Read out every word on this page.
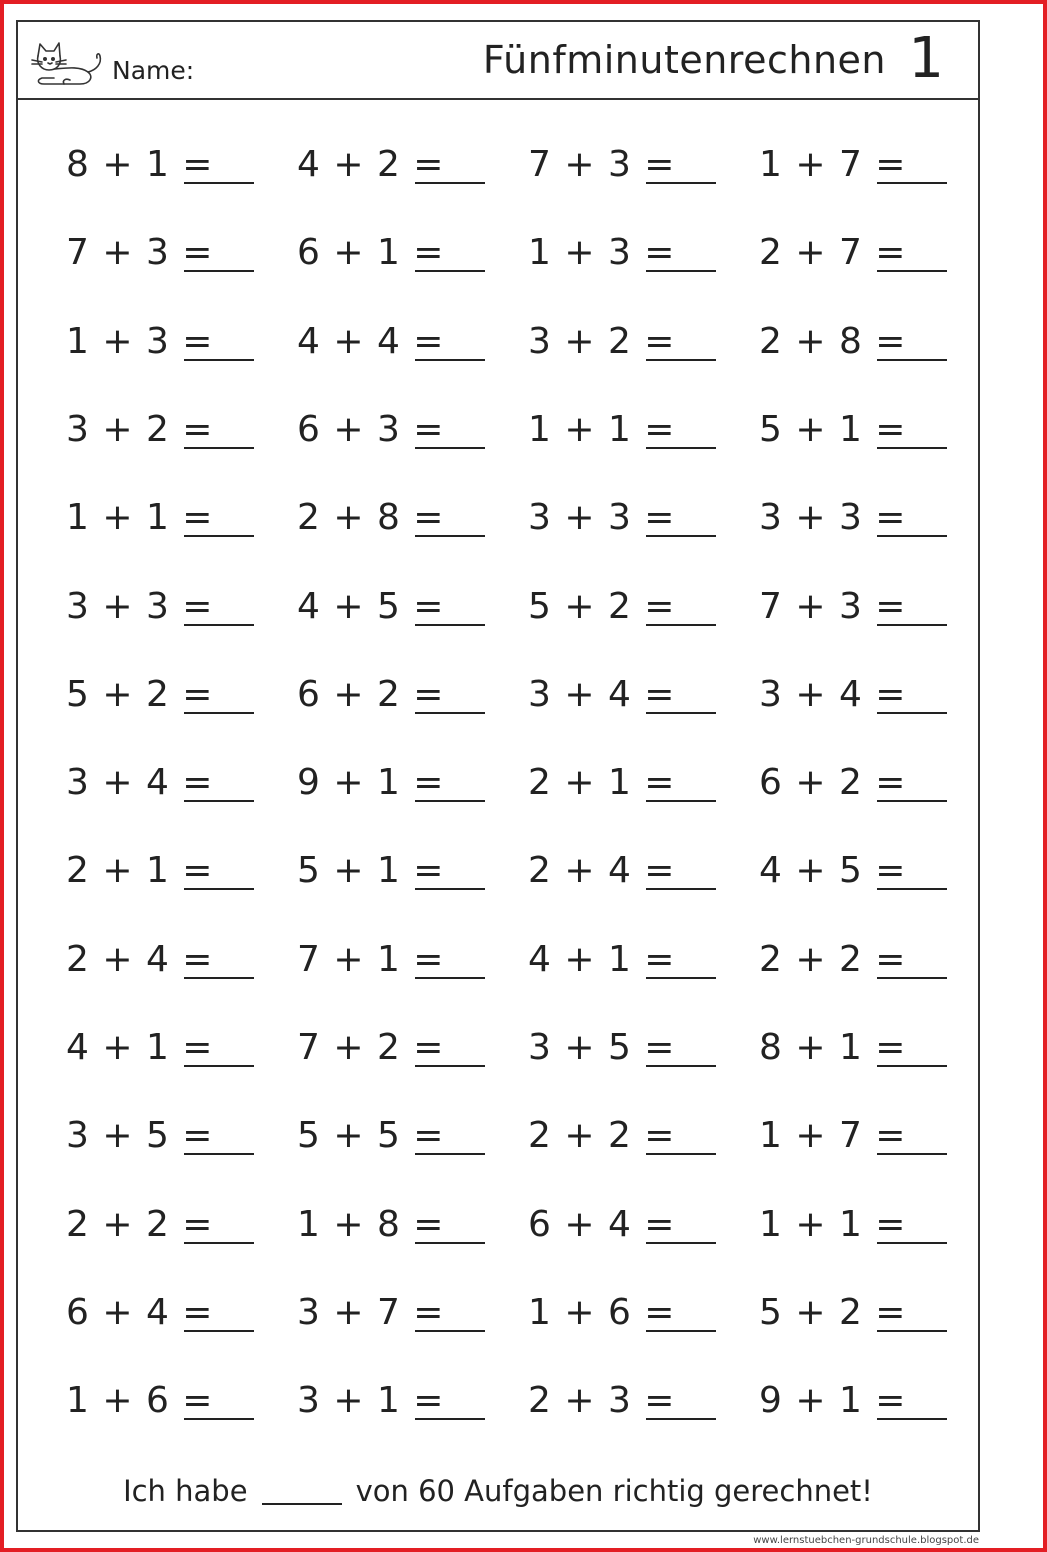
Name:	Fünfminutenrechnen 1
8 + 1 = 4 + 2 = 7 + 3 = 1 + 7 =
7 + 3 = 6 + 1 = 1 + 3 = 2 + 7 =
1 + 3 = 4 + 4 = 3 + 2 = 2 + 8 =
3 + 2 = 6 + 3 = 1 + 1 = 5 + 1 =
1 + 1 = 2 + 8 = 3 + 3 = 3 + 3 =
3 + 3 = 4 + 5 = 5 + 2 = 7 + 3 =
5 + 2 = 6 + 2 = 3 + 4 = 3 + 4 =
3 + 4 = 9 + 1 = 2 + 1 = 6 + 2 =
2 + 1 = 5 + 1 = 2 + 4 = 4 + 5 =
2 + 4 = 7 + 1 = 4 + 1 = 2 + 2 =
4 + 1 = 7 + 2 = 3 + 5 = 8 + 1 =
3 + 5 = 5 + 5 = 2 + 2 = 1 + 7 =
2 + 2 = 1 + 8 = 6 + 4 = 1 + 1 =
6 + 4 = 3 + 7 = 1 + 6 = 5 + 2 =
1 + 6 = 3 + 1 = 2 + 3 = 9 + 1 =
Ich habe	von 60 Aufgaben richtig gerechnet!
www.lernstuebchen-grundschule.blogspot.de
